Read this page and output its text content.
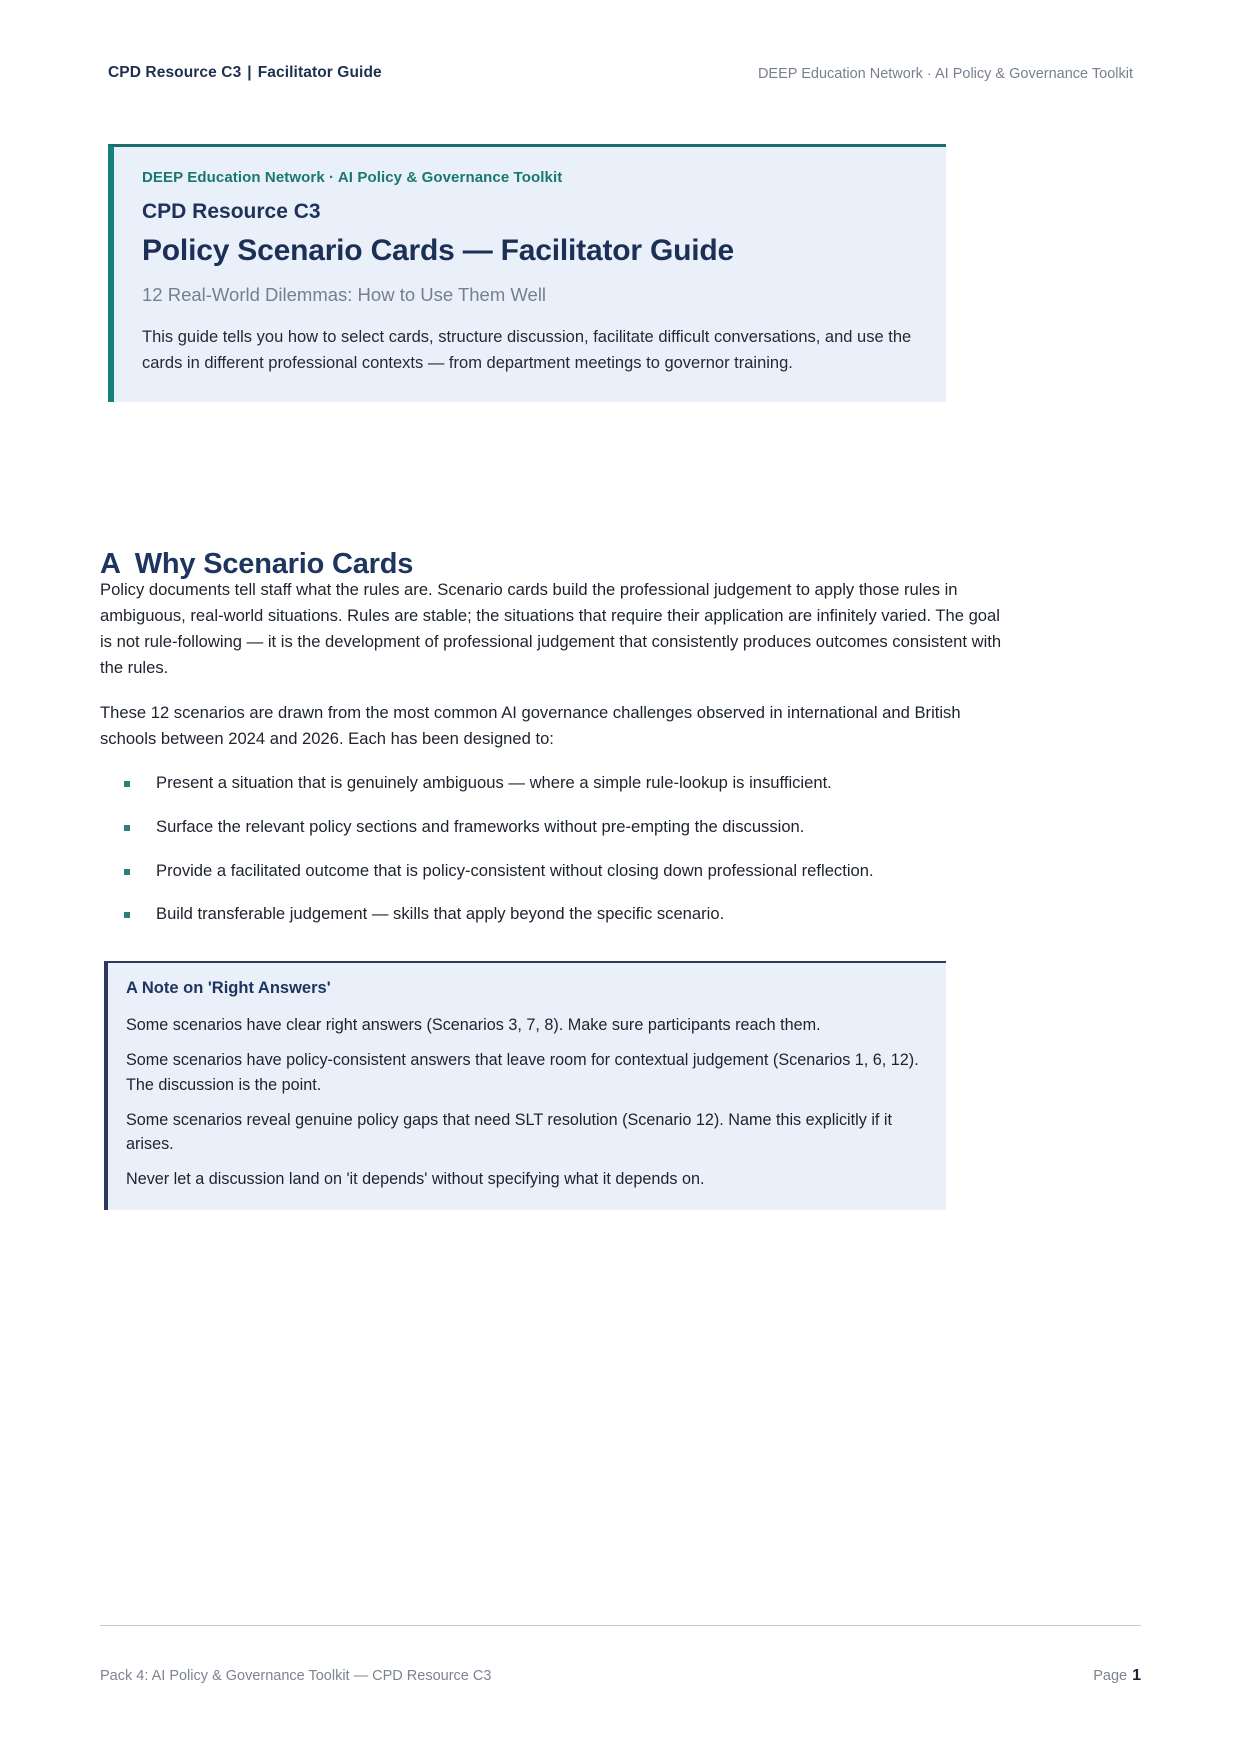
CPD Resource C3 | Facilitator Guide	DEEP Education Network · AI Policy & Governance Toolkit

DEEP Education Network · AI Policy & Governance Toolkit

CPD Resource C3

Policy Scenario Cards — Facilitator Guide

12 Real-World Dilemmas: How to Use Them Well

This guide tells you how to select cards, structure discussion, facilitate difficult conversations, and use the cards in different professional contexts — from department meetings to governor training.

A Why Scenario Cards

Policy documents tell staff what the rules are. Scenario cards build the professional judgement to apply those rules in ambiguous, real-world situations. Rules are stable; the situations that require their application are infinitely varied. The goal is not rule-following — it is the development of professional judgement that consistently produces outcomes consistent with the rules.

These 12 scenarios are drawn from the most common AI governance challenges observed in international and British schools between 2024 and 2026. Each has been designed to:

Present a situation that is genuinely ambiguous — where a simple rule-lookup is insufficient.
Surface the relevant policy sections and frameworks without pre-empting the discussion.
Provide a facilitated outcome that is policy-consistent without closing down professional reflection.
Build transferable judgement — skills that apply beyond the specific scenario.

A Note on 'Right Answers'

Some scenarios have clear right answers (Scenarios 3, 7, 8). Make sure participants reach them.

Some scenarios have policy-consistent answers that leave room for contextual judgement (Scenarios 1, 6, 12). The discussion is the point.

Some scenarios reveal genuine policy gaps that need SLT resolution (Scenario 12). Name this explicitly if it arises.

Never let a discussion land on 'it depends' without specifying what it depends on.

Pack 4: AI Policy & Governance Toolkit — CPD Resource C3	Page 1
